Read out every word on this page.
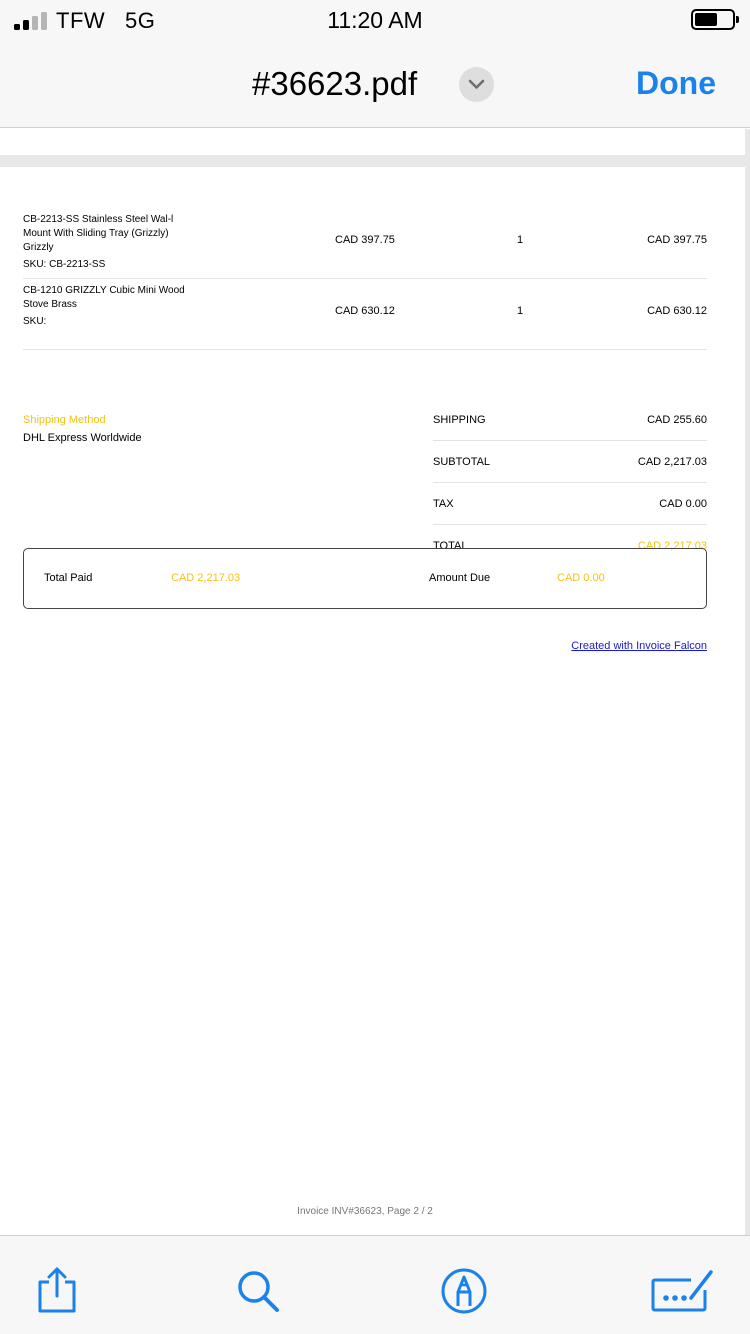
TFW 5G	11:20 AM
#36623.pdf	Done
CB-2213-SS Stainless Steel Wal-l Mount With Sliding Tray (Grizzly) Grizzly
SKU: CB-2213-SS
CAD 397.75	1	CAD 397.75
CB-1210 GRIZZLY Cubic Mini Wood Stove Brass
SKU:
CAD 630.12	1	CAD 630.12
Shipping Method
DHL Express Worldwide
SHIPPING	CAD 255.60
SUBTOTAL	CAD 2,217.03
TAX	CAD 0.00
TOTAL	CAD 2,217.03
Total Paid	CAD 2,217.03	Amount Due	CAD 0.00
Created with Invoice Falcon
Invoice INV#36623, Page 2 / 2
